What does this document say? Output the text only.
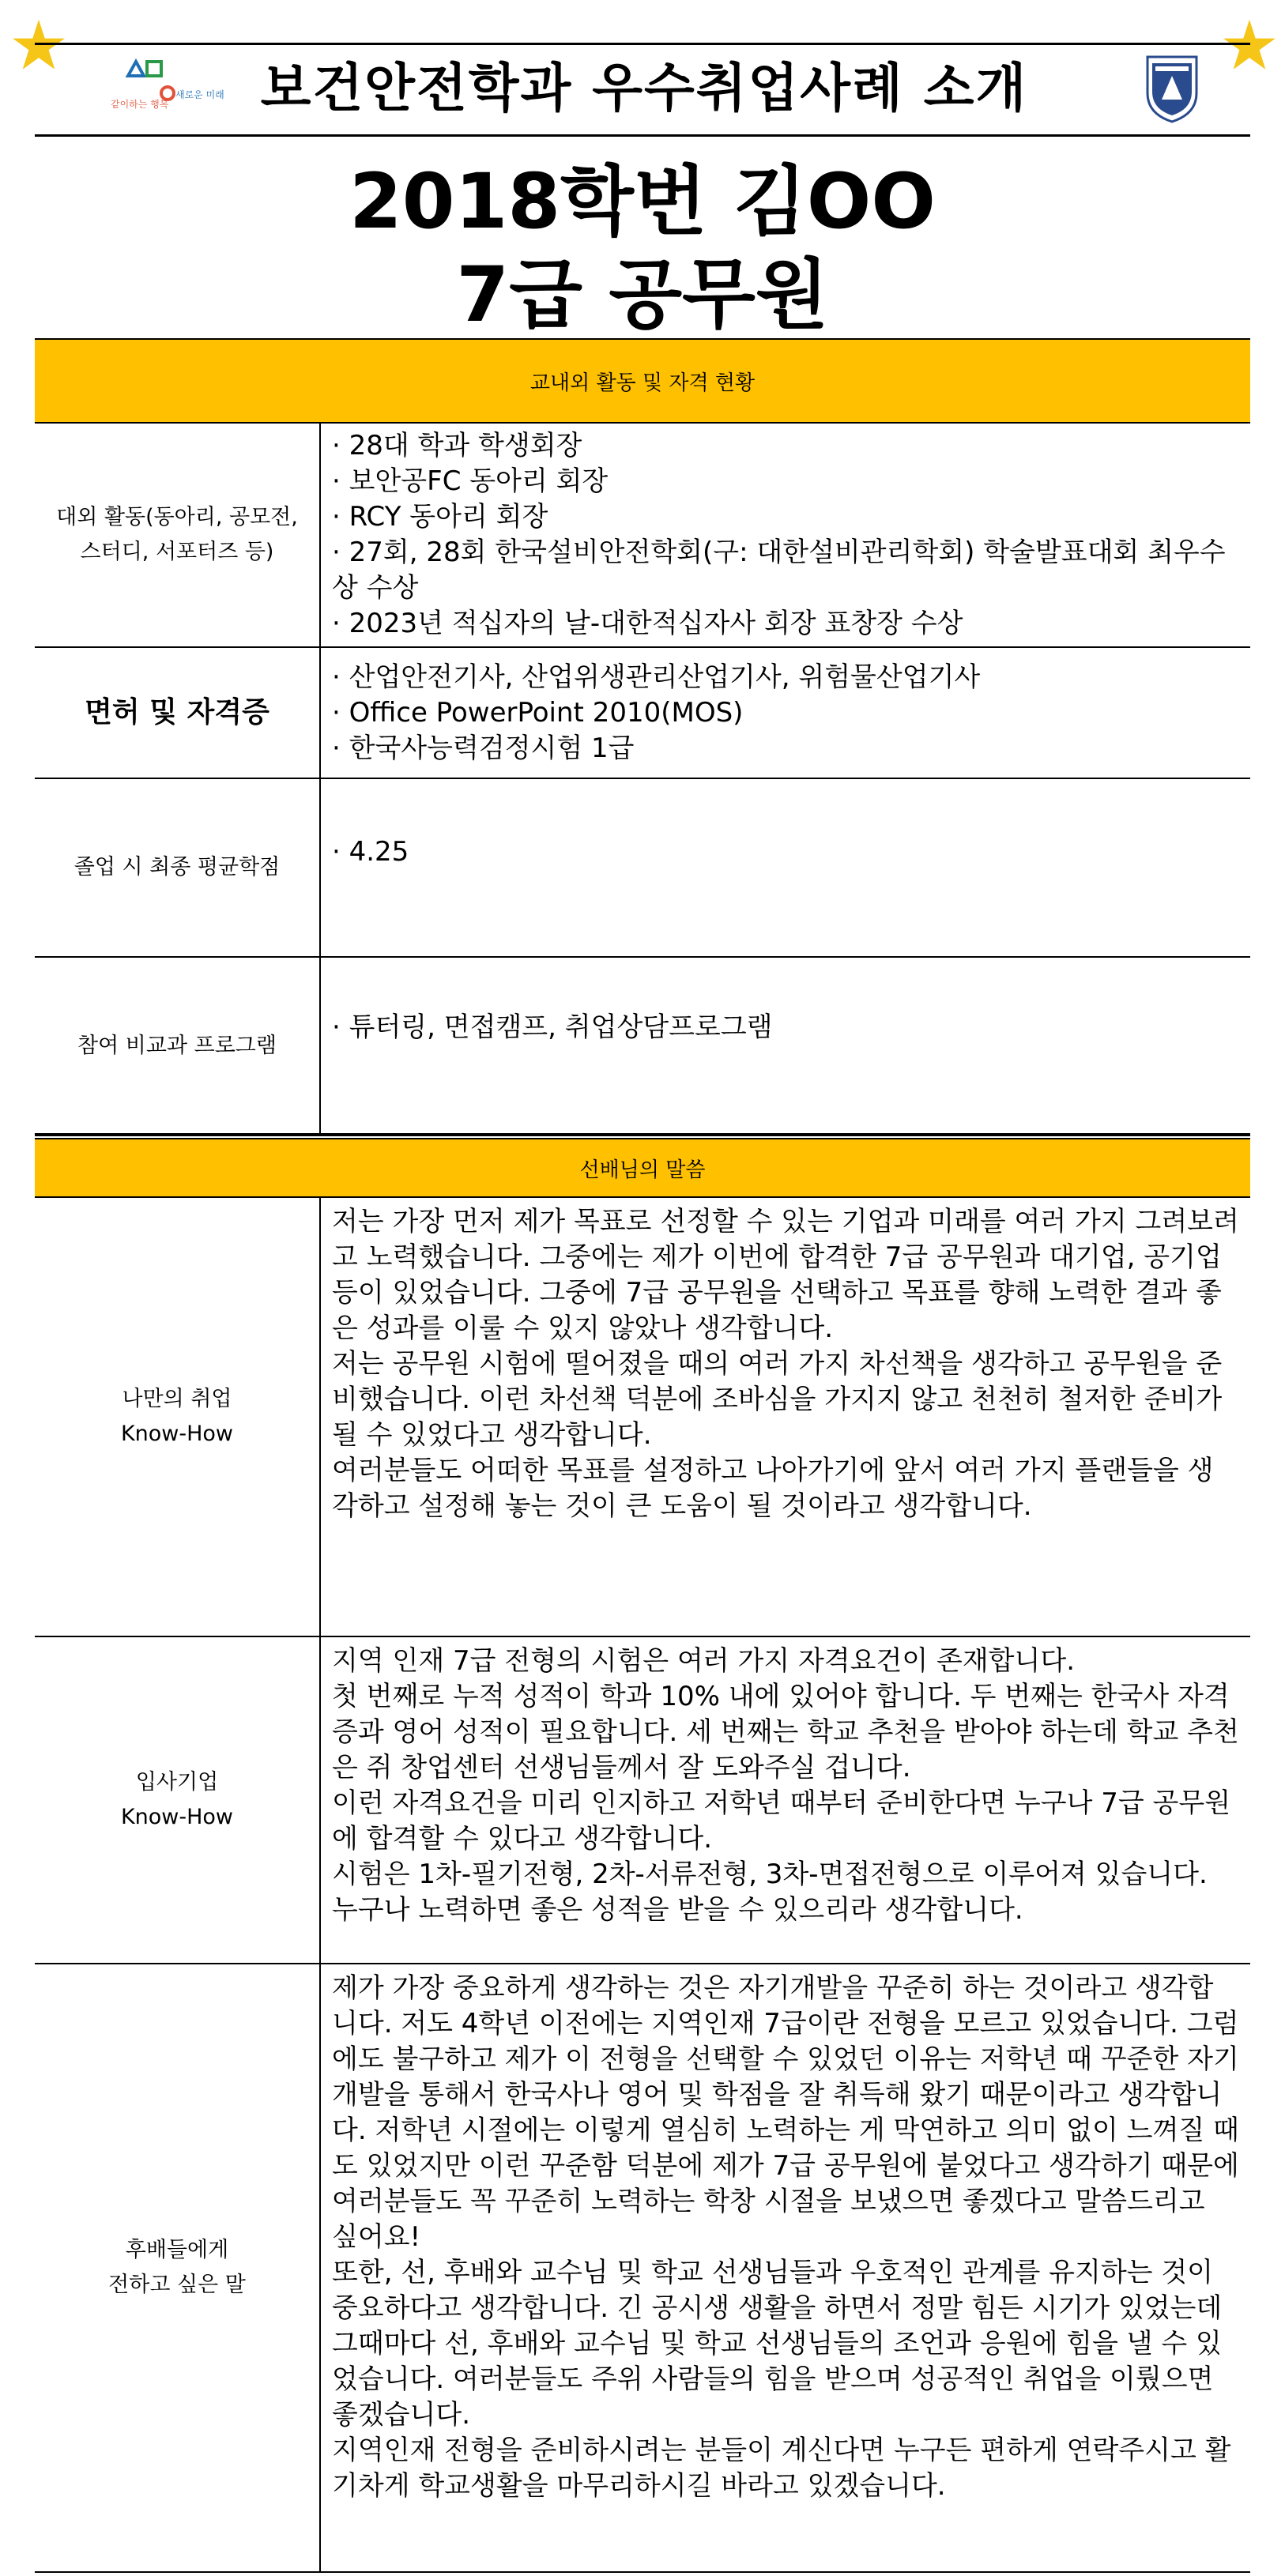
같이하는 행복
새로운 미래 보건안전학과 우수취업사례 소개
2018학번 김OO
7급 공무원
교내외 활동 및 자격 현황	

대외 활동(동아리, 공모전, 스터디, 서포터즈 등)	· 28대 학과 학생회장
· 보안공FC 동아리 회장
· RCY 동아리 회장
· 27회, 28회 한국설비안전학회(구: 대한설비관리학회) 학술발표대회 최우수상 수상
· 2023년 적십자의 날-대한적십자사 회장 표창장 수상

면허 및 자격증	· 산업안전기사, 산업위생관리산업기사, 위험물산업기사
· Office PowerPoint 2010(MOS)
· 한국사능력검정시험 1급

졸업 시 최종 평균학점	· 4.25

참여 비교과 프로그램	· 튜터링, 면접캠프, 취업상담프로그램
선배님의 말씀	

나만의 취업
Know-How	저는 가장 먼저 제가 목표로 선정할 수 있는 기업과 미래를 여러 가지 그려보려고 노력했습니다. 그중에는 제가 이번에 합격한 7급 공무원과 대기업, 공기업 등이 있었습니다. 그중에 7급 공무원을 선택하고 목표를 향해 노력한 결과 좋은 성과를 이룰 수 있지 않았나 생각합니다.
저는 공무원 시험에 떨어졌을 때의 여러 가지 차선책을 생각하고 공무원을 준비했습니다. 이런 차선책 덕분에 조바심을 가지지 않고 천천히 철저한 준비가 될 수 있었다고 생각합니다.
여러분들도 어떠한 목표를 설정하고 나아가기에 앞서 여러 가지 플랜들을 생각하고 설정해 놓는 것이 큰 도움이 될 것이라고 생각합니다.

입사기업
Know-How	지역 인재 7급 전형의 시험은 여러 가지 자격요건이 존재합니다.
첫 번째로 누적 성적이 학과 10% 내에 있어야 합니다. 두 번째는 한국사 자격증과 영어 성적이 필요합니다. 세 번째는 학교 추천을 받아야 하는데 학교 추천은 쥐 창업센터 선생님들께서 잘 도와주실 겁니다.
이런 자격요건을 미리 인지하고 저학년 때부터 준비한다면 누구나 7급 공무원에 합격할 수 있다고 생각합니다.
시험은 1차-필기전형, 2차-서류전형, 3차-면접전형으로 이루어져 있습니다. 누구나 노력하면 좋은 성적을 받을 수 있으리라 생각합니다.

후배들에게
전하고 싶은 말	제가 가장 중요하게 생각하는 것은 자기개발을 꾸준히 하는 것이라고 생각합니다. 저도 4학년 이전에는 지역인재 7급이란 전형을 모르고 있었습니다. 그럼에도 불구하고 제가 이 전형을 선택할 수 있었던 이유는 저학년 때 꾸준한 자기개발을 통해서 한국사나 영어 및 학점을 잘 취득해 왔기 때문이라고 생각합니다. 저학년 시절에는 이렇게 열심히 노력하는 게 막연하고 의미 없이 느껴질 때도 있었지만 이런 꾸준함 덕분에 제가 7급 공무원에 붙었다고 생각하기 때문에 여러분들도 꼭 꾸준히 노력하는 학창 시절을 보냈으면 좋겠다고 말씀드리고 싶어요!
또한, 선, 후배와 교수님 및 학교 선생님들과 우호적인 관계를 유지하는 것이 중요하다고 생각합니다. 긴 공시생 생활을 하면서 정말 힘든 시기가 있었는데 그때마다 선, 후배와 교수님 및 학교 선생님들의 조언과 응원에 힘을 낼 수 있었습니다. 여러분들도 주위 사람들의 힘을 받으며 성공적인 취업을 이뤘으면 좋겠습니다.
지역인재 전형을 준비하시려는 분들이 계신다면 누구든 편하게 연락주시고 활기차게 학교생활을 마무리하시길 바라고 있겠습니다.
